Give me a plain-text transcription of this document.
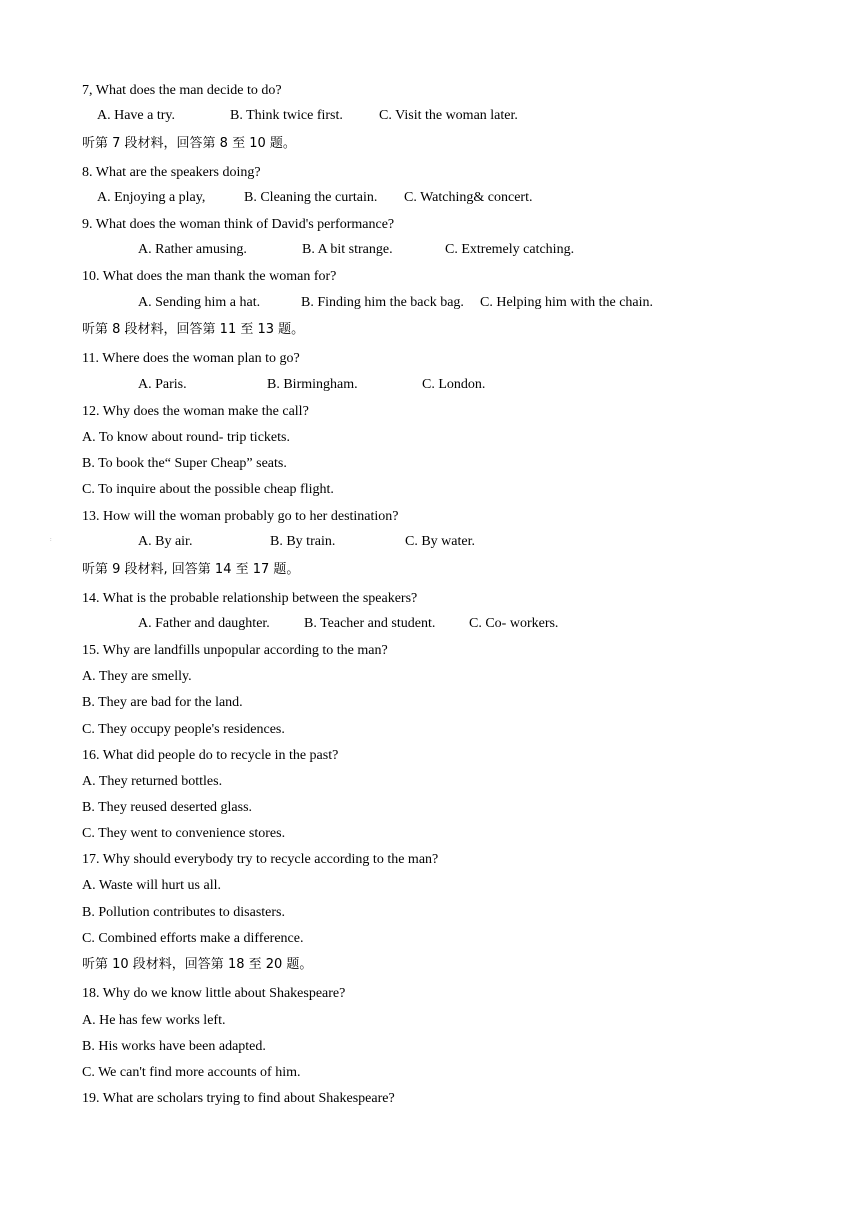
7, What does the man decide to do?
A. Have a try.	B. Think twice first.	C. Visit the woman later.
听第 7 段材料，回答第 8 至 10 题。
8. What are the speakers doing?
A. Enjoying a play,	B. Cleaning the curtain. C. Watching& concert.
9. What does the woman think of David's performance?
A. Rather amusing.	B. A bit strange.	C. Extremely catching.
10. What does the man thank the woman for?
A. Sending him a hat.	B. Finding him the back bag. C. Helping him with the chain.
听第 8 段材料，回答第 11 至 13 题。
11. Where does the woman plan to go?
A. Paris.	B. Birmingham.	C. London.
12. Why does the woman make the call?
A. To know about round- trip tickets.
B. To book the“ Super Cheap” seats.
C. To inquire about the possible cheap flight.
13. How will the woman probably go to her destination?
:	A. By air.	B. By train.	C. By water.
听第 9 段材料, 回答第 14 至 17 题。
14. What is the probable relationship between the speakers?
A. Father and daughter. B. Teacher and student. C. Co- workers.
15. Why are landfills unpopular according to the man?
A. They are smelly.
B. They are bad for the land.
C. They occupy people's residences.
16. What did people do to recycle in the past?
A. They returned bottles.
B. They reused deserted glass.
C. They went to convenience stores.
17. Why should everybody try to recycle according to the man?
A. Waste will hurt us all.
B. Pollution contributes to disasters.
C. Combined efforts make a difference.
听第 10 段材料，回答第 18 至 20 题。
18. Why do we know little about Shakespeare?
A. He has few works left.
B. His works have been adapted.
C. We can't find more accounts of him.
19. What are scholars trying to find about Shakespeare?
